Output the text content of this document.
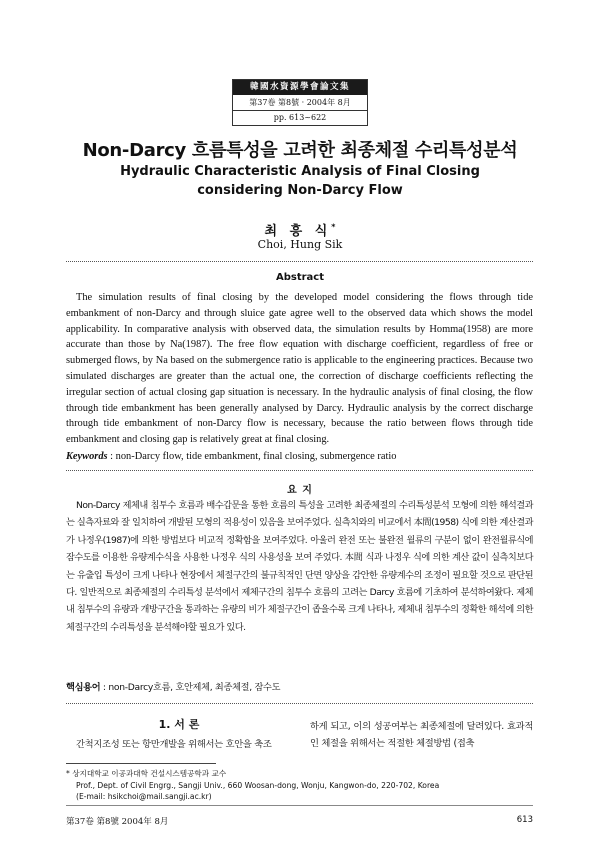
韓國水資源學會論文集
第37卷 第8號 · 2004年 8月
pp. 613~622
Non-Darcy 흐름특성을 고려한 최종체절 수리특성분석
Hydraulic Characteristic Analysis of Final Closing
considering Non-Darcy Flow
최 흥 식*
Choi, Hung Sik
Abstract

The simulation results of final closing by the developed model considering the flows through tide embankment of non-Darcy and through sluice gate agree well to the observed data which shows the model applicability. In comparative analysis with observed data, the simulation results by Homma(1958) are more accurate than those by Na(1987). The free flow equation with discharge coefficient, regardless of free or submerged flows, by Na based on the submergence ratio is applicable to the engineering practices. Because two simulated discharges are greater than the actual one, the correction of discharge coefficients reflecting the irregular section of actual closing gap situation is necessary. In the hydraulic analysis of final closing, the flow through tide embankment has been generally analysed by Darcy. Hydraulic analysis by the correct discharge through tide embankment of non-Darcy flow is necessary, because the ratio between flows through tide embankment and closing gap is relatively great at final closing.

Keywords : non-Darcy flow, tide embankment, final closing, submergence ratio

요 지

Non-Darcy 제체내 침투수 흐름과 배수갑문을 통한 흐름의 특성을 고려한 최종체절의 수리특성분석 모형에 의한 해석결과는 실측자료와 잘 일치하여 개발된 모형의 적용성이 있음을 보여주었다. 실측치와의 비교에서 本間(1958) 식에 의한 계산결과가 나정우(1987)에 의한 방법보다 비교적 정확함을 보여주었다. 아울러 완전 또는 불완전 월류의 구분이 없이 완전월류식에 잠수도를 이용한 유량계수식을 사용한 나정우 식의 사용성을 보여 주었다. 本間 식과 나정우 식에 의한 계산 값이 실측치보다는 유출입 특성이 크게 나타나 현장에서 체절구간의 불규칙적인 단면 양상을 감안한 유량계수의 조정이 필요할 것으로 판단된다. 일반적으로 최종체절의 수리특성 분석에서 제체구간의 침투수 흐름의 고려는 Darcy 흐름에 기초하여 분석하여왔다. 제체내 침투수의 유량과 개방구간을 통과하는 유량의 비가 체절구간이 좁을수록 크게 나타나, 제체내 침투수의 정확한 해석에 의한 체절구간의 수리특성을 분석해야할 필요가 있다.

핵심용어 : non-Darcy흐름, 호안제체, 최종체절, 잠수도

1. 서 론

간척지조성 또는 항만개발을 위해서는 호안을 축조

하게 되고, 이의 성공여부는 최종체절에 달려있다. 효과적인 체절을 위해서는 적절한 체절방법 (접축

* 상지대학교 이공과대학 건설시스템공학과 교수
Prof., Dept. of Civil Engrg., Sangji Univ., 660 Woosan-dong, Wonju, Kangwon-do, 220-702, Korea
(E-mail: hsikchoi@mail.sangji.ac.kr)
第37卷 第8號 2004年 8月	613
